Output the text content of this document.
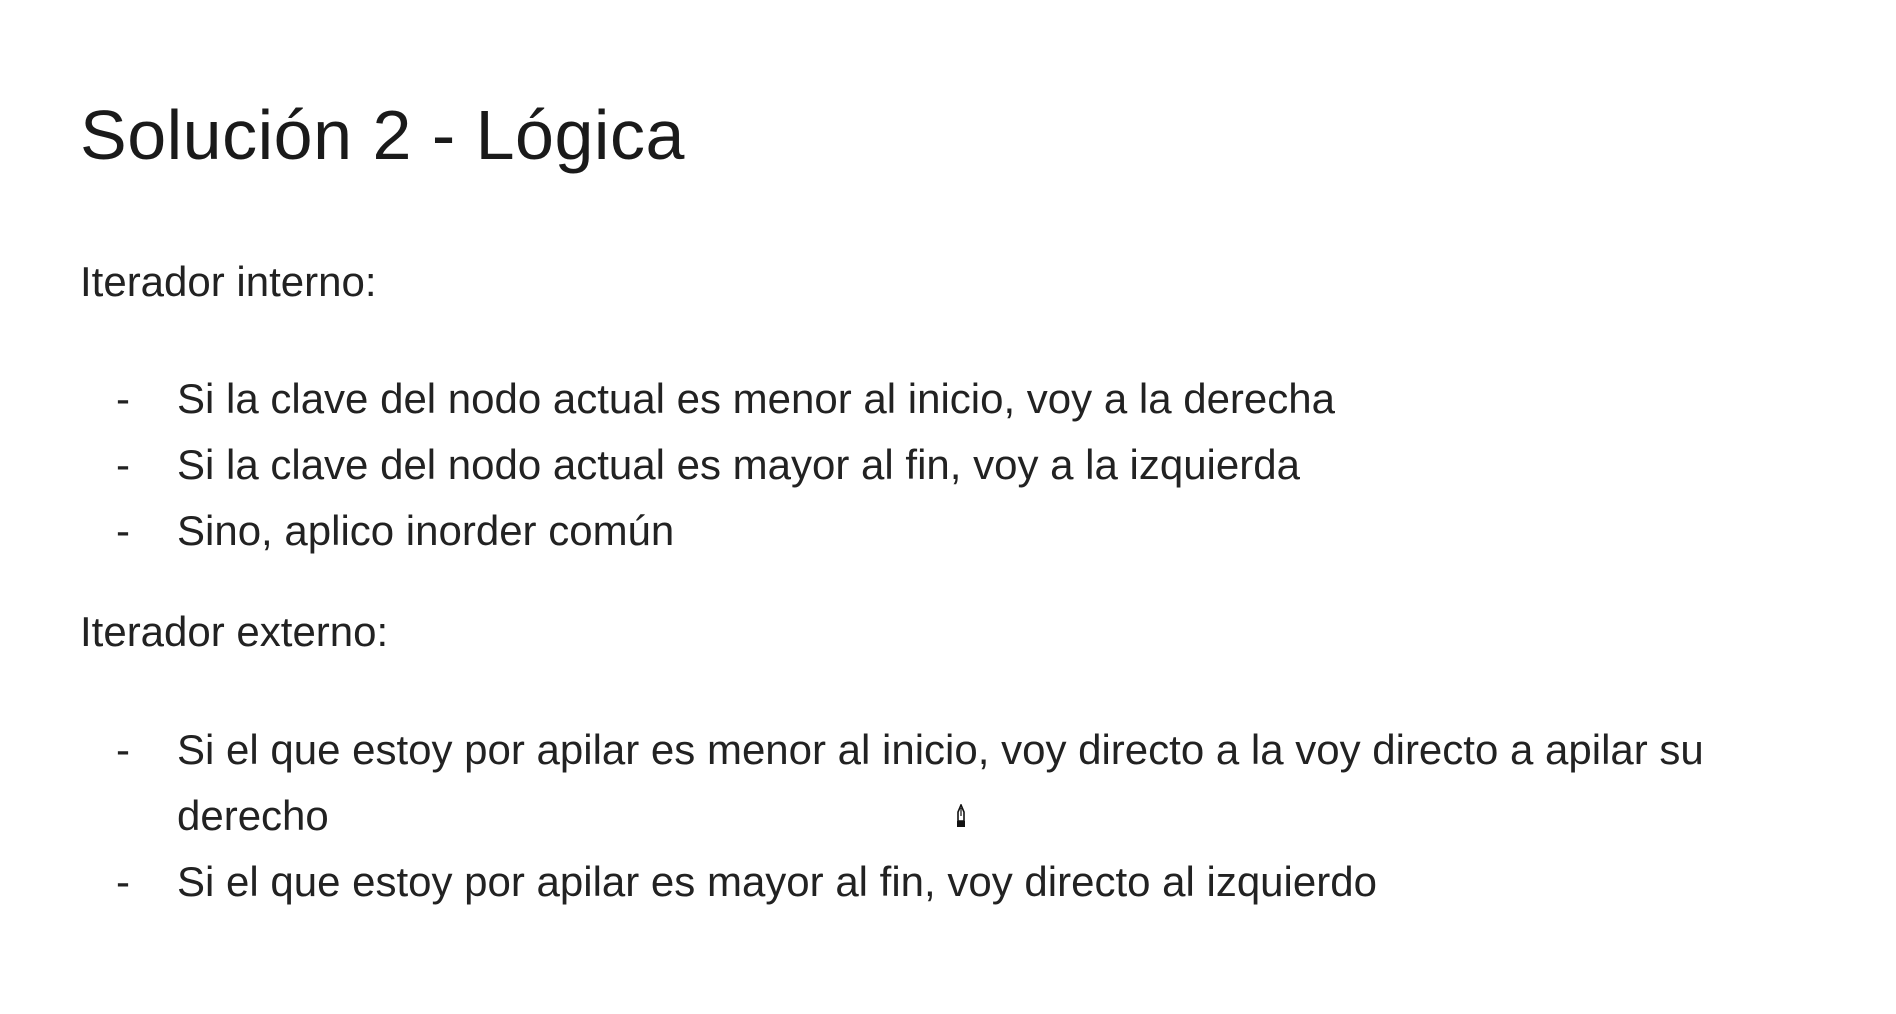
Solución 2 - Lógica

Iterador interno:

- Si la clave del nodo actual es menor al inicio, voy a la derecha
- Si la clave del nodo actual es mayor al fin, voy a la izquierda
- Sino, aplico inorder común

Iterador externo:

- Si el que estoy por apilar es menor al inicio, voy directo a la voy directo a apilar su derecho
- Si el que estoy por apilar es mayor al fin, voy directo al izquierdo
